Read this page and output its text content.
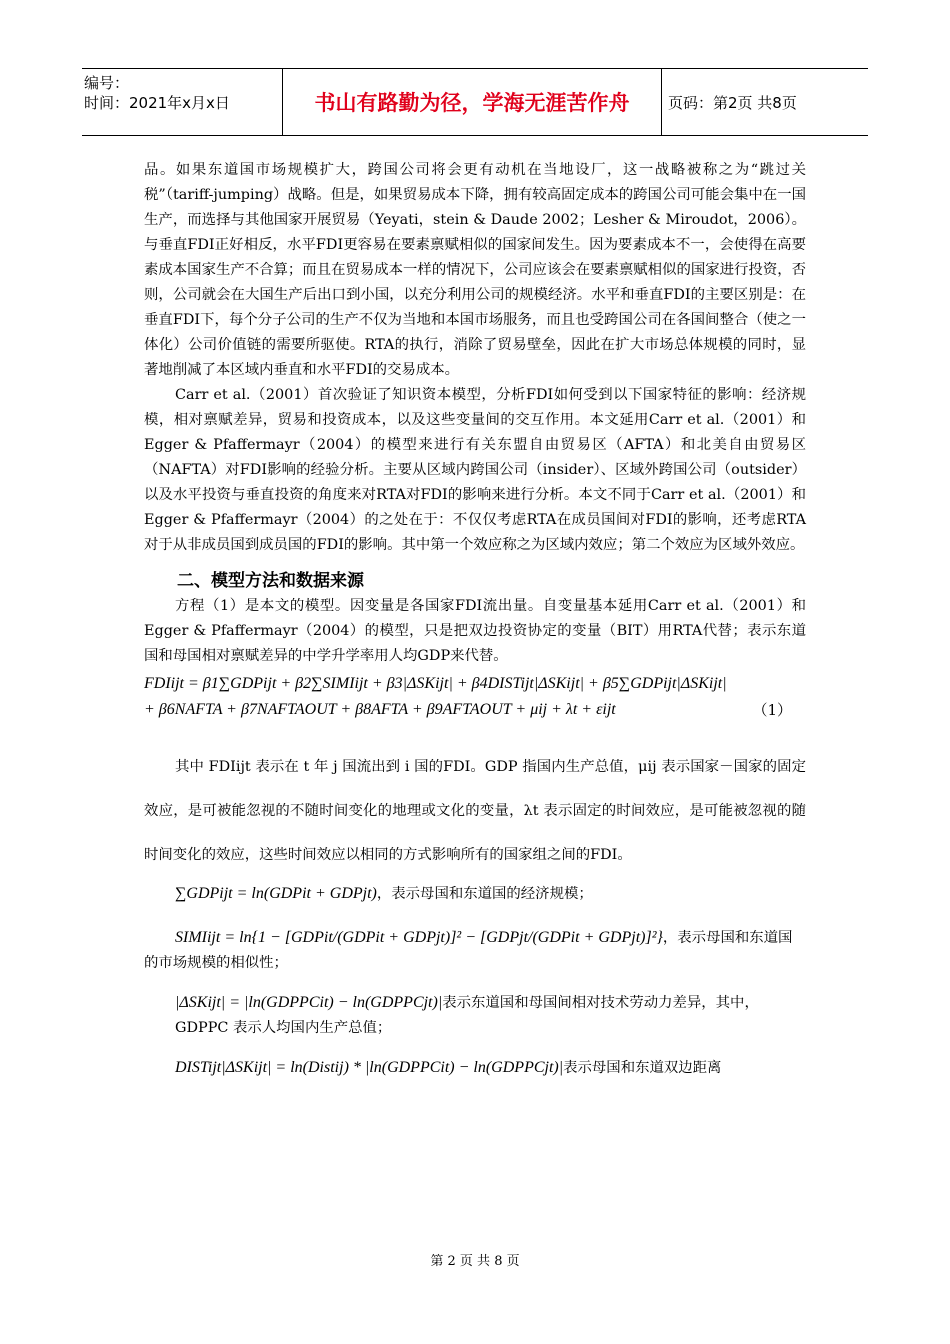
编号：
时间：2021年x月x日	书山有路勤为径，学海无涯苦作舟	页码：第2页 共8页

品。如果东道国市场规模扩大，跨国公司将会更有动机在当地设厂，这一战略被称之为“跳过关税”（tariff-jumping）战略。但是，如果贸易成本下降，拥有较高固定成本的跨国公司可能会集中在一国生产，而选择与其他国家开展贸易（Yeyati，stein & Daude 2002；Lesher & Miroudot，2006）。与垂直FDI正好相反，水平FDI更容易在要素禀赋相似的国家间发生。因为要素成本不一，会使得在高要素成本国家生产不合算；而且在贸易成本一样的情况下，公司应该会在要素禀赋相似的国家进行投资，否则，公司就会在大国生产后出口到小国，以充分利用公司的规模经济。水平和垂直FDI的主要区别是：在垂直FDI下，每个分子公司的生产不仅为当地和本国市场服务，而且也受跨国公司在各国间整合（使之一体化）公司价值链的需要所驱使。RTA的执行，消除了贸易壁垒，因此在扩大市场总体规模的同时，显著地削减了本区域内垂直和水平FDI的交易成本。

Carr et al.（2001）首次验证了知识资本模型，分析FDI如何受到以下国家特征的影响：经济规模，相对禀赋差异，贸易和投资成本，以及这些变量间的交互作用。本文延用Carr et al.（2001）和Egger & Pfaffermayr（2004）的模型来进行有关东盟自由贸易区（AFTA）和北美自由贸易区（NAFTA）对FDI影响的经验分析。主要从区域内跨国公司（insider）、区域外跨国公司（outsider）以及水平投资与垂直投资的角度来对RTA对FDI的影响来进行分析。本文不同于Carr et al.（2001）和Egger & Pfaffermayr（2004）的之处在于：不仅仅考虑RTA在成员国间对FDI的影响，还考虑RTA对于从非成员国到成员国的FDI的影响。其中第一个效应称之为区域内效应；第二个效应为区域外效应。

二、模型方法和数据来源

方程（1）是本文的模型。因变量是各国家FDI流出量。自变量基本延用Carr et al.（2001）和Egger & Pfaffermayr（2004）的模型，只是把双边投资协定的变量（BIT）用RTA代替；表示东道国和母国相对禀赋差异的中学升学率用人均GDP来代替。

FDIijt = β1∑GDPijt + β2∑SIMIijt + β3|ΔSKijt| + β4DISTijt|ΔSKijt| + β5∑GDPijt|ΔSKijt|
+ β6NAFTA + β7NAFTAOUT + β8AFTA + β9AFTAOUT + μij + λt + εijt	（1）

其中 FDIijt 表示在 t 年 j 国流出到 i 国的FDI。GDP 指国内生产总值，μij 表示国家－国家的固定效应，是可被能忽视的不随时间变化的地理或文化的变量，λt 表示固定的时间效应，是可能被忽视的随时间变化的效应，这些时间效应以相同的方式影响所有的国家组之间的FDI。

∑GDPijt = ln(GDPit + GDPjt)，表示母国和东道国的经济规模；
SIMIijt = ln{1 − [GDPit/(GDPit + GDPjt)]² − [GDPjt/(GDPit + GDPjt)]²}，表示母国和东道国的市场规模的相似性；
|ΔSKijt| = |ln(GDPPCit) − ln(GDPPCjt)|表示东道国和母国间相对技术劳动力差异，其中，GDPPC 表示人均国内生产总值；
DISTijt|ΔSKijt| = ln(Distij) * |ln(GDPPCit) − ln(GDPPCjt)|表示母国和东道双边距离
第 2 页 共 8 页
